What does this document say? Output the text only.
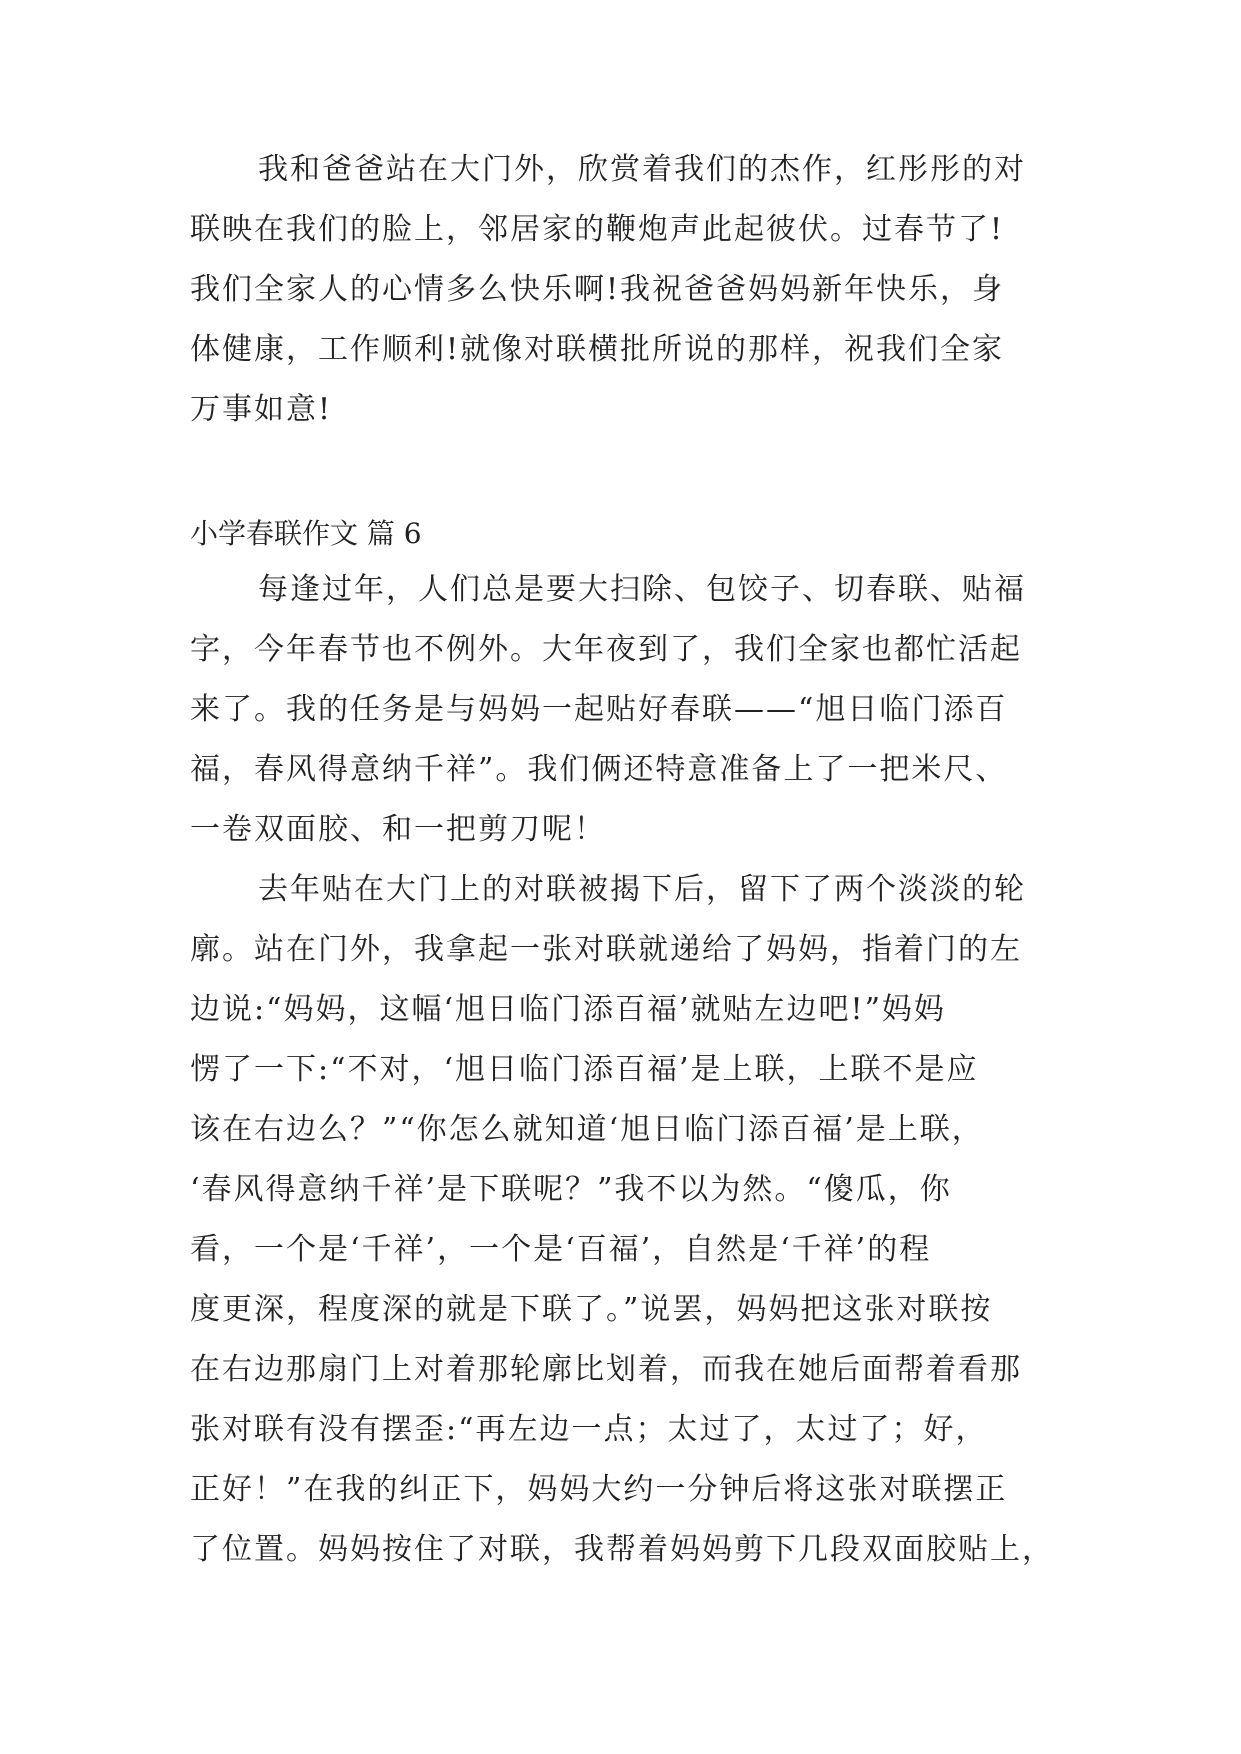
我和爸爸站在大门外，欣赏着我们的杰作，红彤彤的对
联映在我们的脸上，邻居家的鞭炮声此起彼伏。过春节了!
我们全家人的心情多么快乐啊!我祝爸爸妈妈新年快乐，身
体健康，工作顺利!就像对联横批所说的那样，祝我们全家
万事如意!
小学春联作文 篇 6
每逢过年，人们总是要大扫除、包饺子、切春联、贴福
字，今年春节也不例外。大年夜到了，我们全家也都忙活起
来了。我的任务是与妈妈一起贴好春联——“旭日临门添百
福，春风得意纳千祥”。我们俩还特意准备上了一把米尺、
一卷双面胶、和一把剪刀呢！
去年贴在大门上的对联被揭下后，留下了两个淡淡的轮
廓。站在门外，我拿起一张对联就递给了妈妈，指着门的左
边说:“妈妈，这幅‘旭日临门添百福’就贴左边吧!”妈妈
愣了一下:“不对，‘旭日临门添百福’是上联，上联不是应
该在右边么？”“你怎么就知道‘旭日临门添百福’是上联，
‘春风得意纳千祥’是下联呢？”我不以为然。“傻瓜，你
看，一个是‘千祥’，一个是‘百福’，自然是‘千祥’的程
度更深，程度深的就是下联了。”说罢，妈妈把这张对联按
在右边那扇门上对着那轮廓比划着，而我在她后面帮着看那
张对联有没有摆歪:“再左边一点；太过了，太过了；好，
正好！”在我的纠正下，妈妈大约一分钟后将这张对联摆正
了位置。妈妈按住了对联，我帮着妈妈剪下几段双面胶贴上，
